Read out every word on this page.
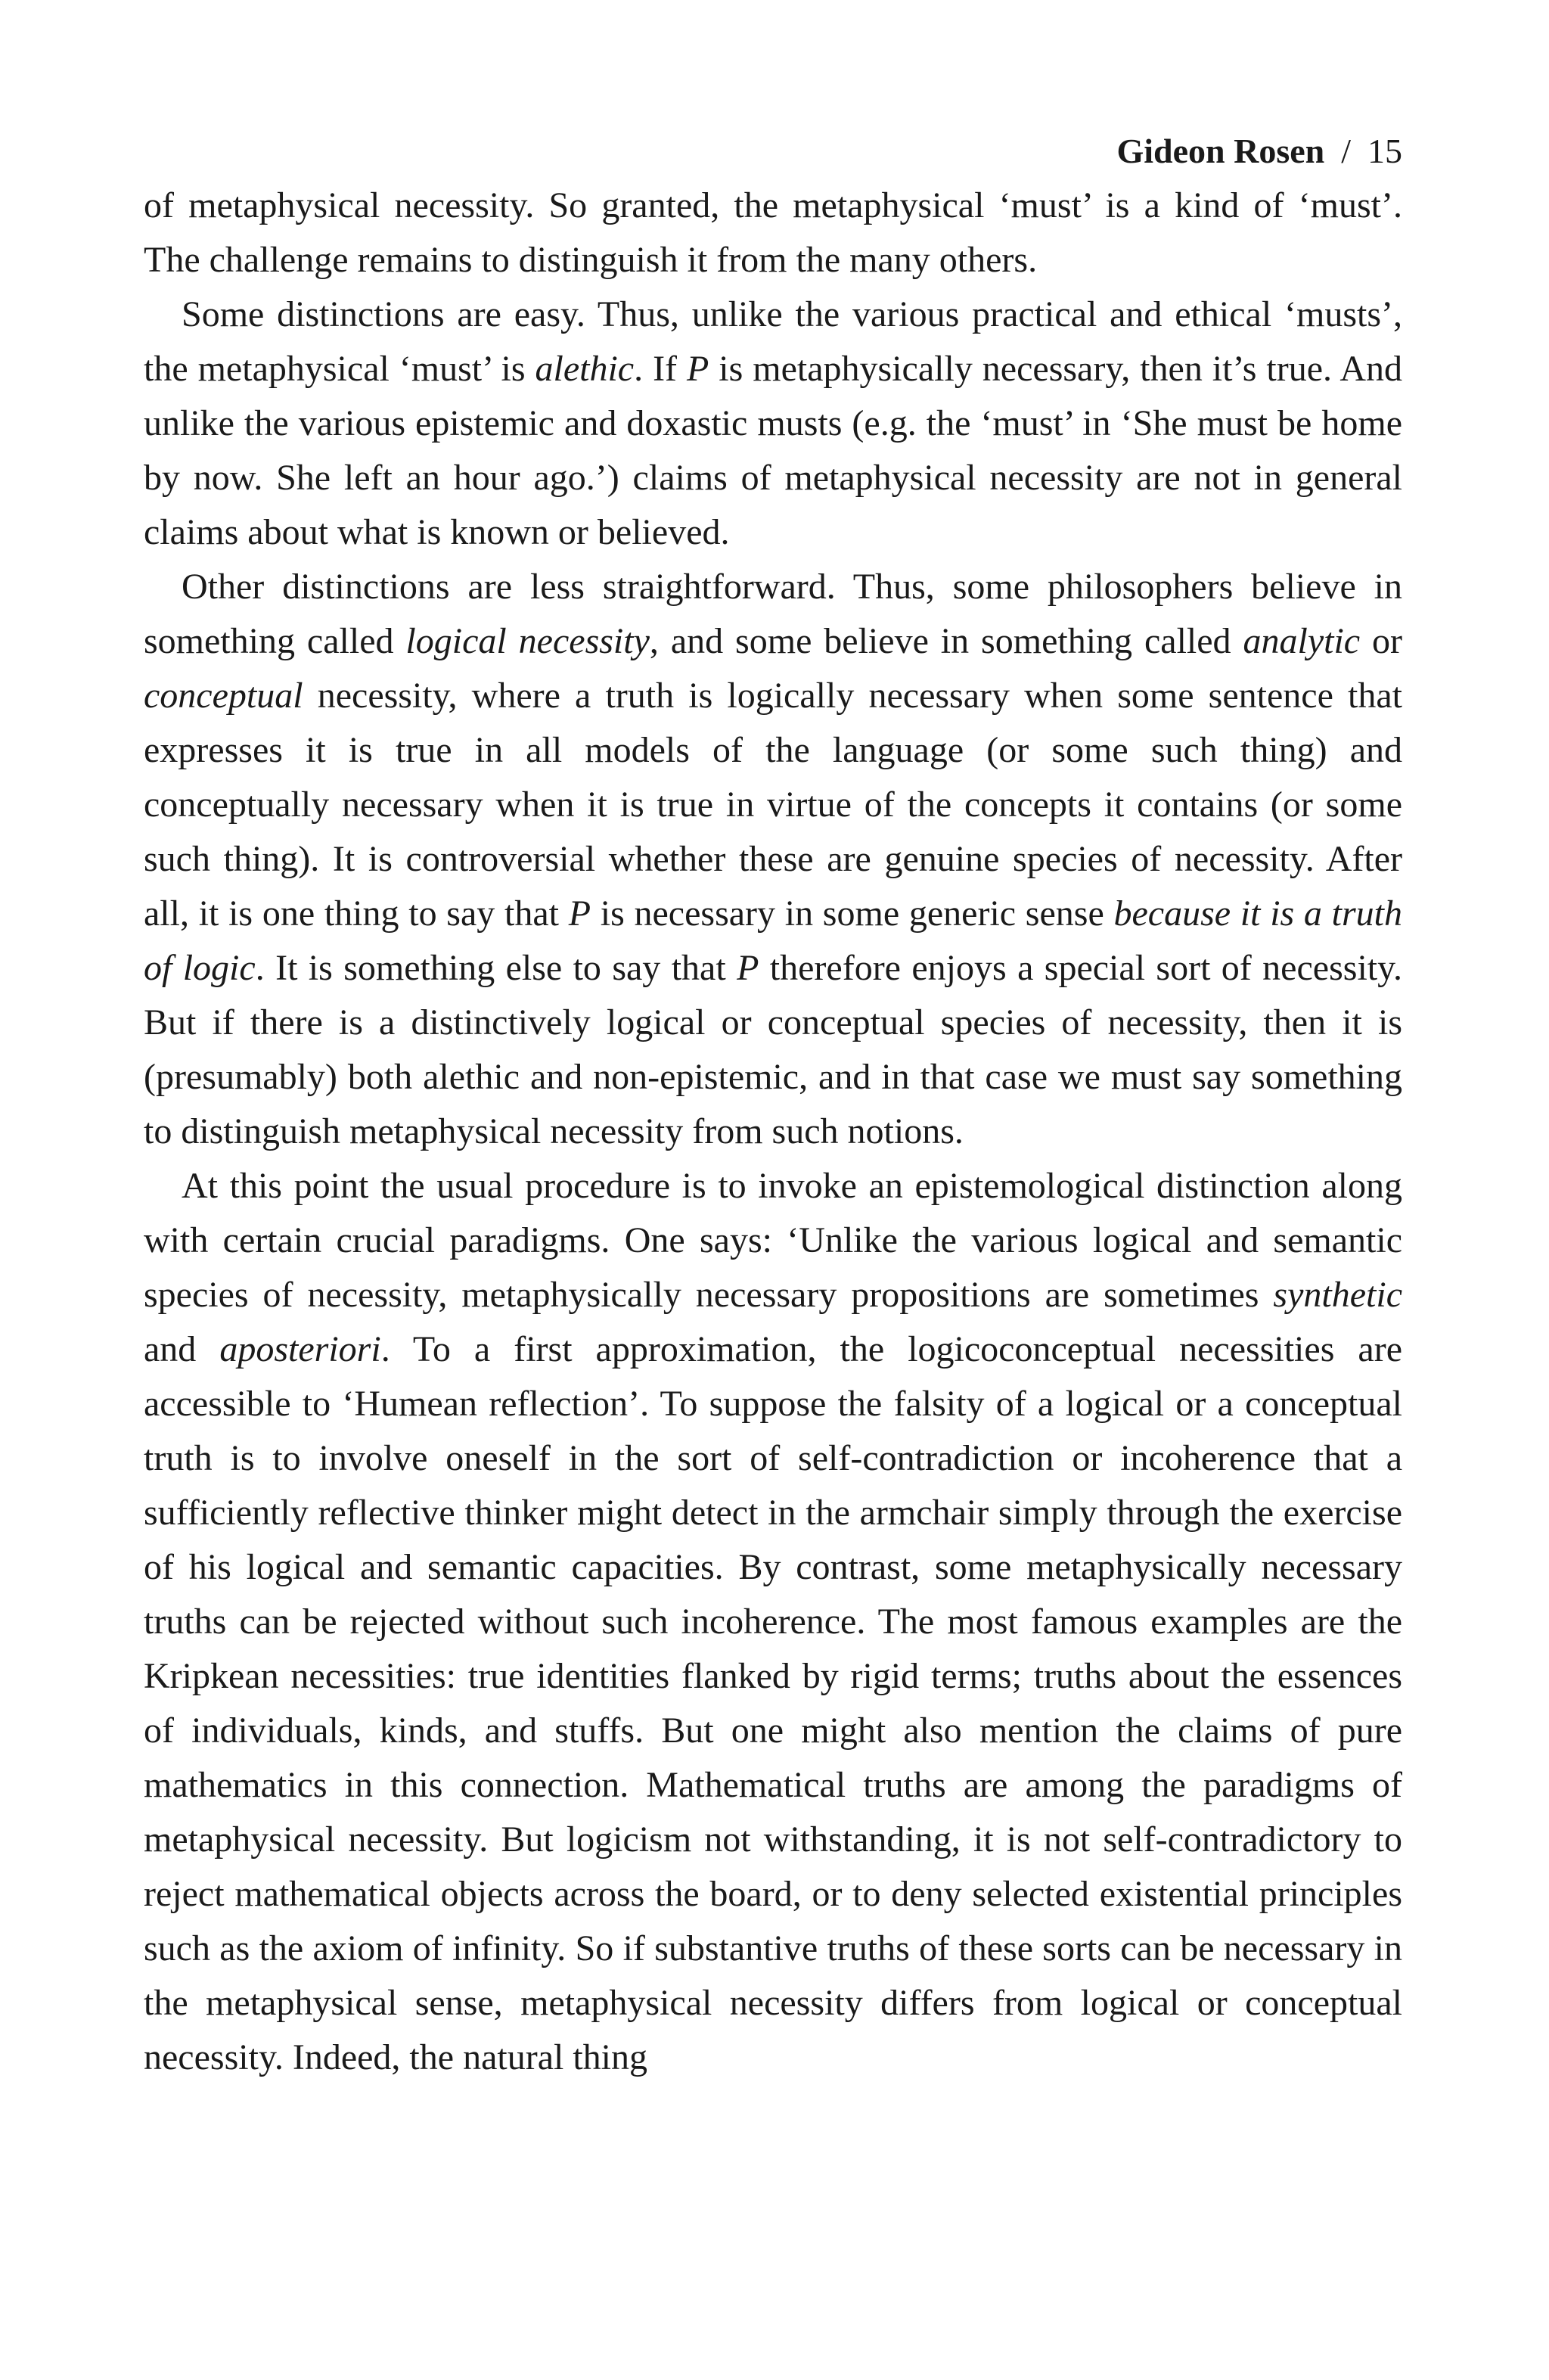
Gideon Rosen / 15

of metaphysical necessity. So granted, the metaphysical ‘must’ is a kind of ‘must’. The challenge remains to distinguish it from the many others.

Some distinctions are easy. Thus, unlike the various practical and ethical ‘musts’, the metaphysical ‘must’ is alethic. If P is metaphysically necessary, then it’s true. And unlike the various epistemic and doxastic musts (e.g. the ‘must’ in ‘She must be home by now. She left an hour ago.’) claims of metaphysical necessity are not in general claims about what is known or believed.

Other distinctions are less straightforward. Thus, some philosophers believe in something called logical necessity, and some believe in something called analytic or conceptual necessity, where a truth is logically necessary when some sentence that expresses it is true in all models of the language (or some such thing) and conceptually necessary when it is true in virtue of the concepts it contains (or some such thing). It is controversial whether these are genuine species of necessity. After all, it is one thing to say that P is necessary in some generic sense because it is a truth of logic. It is something else to say that P therefore enjoys a special sort of necessity. But if there is a distinctively logical or conceptual species of necessity, then it is (presumably) both alethic and non-epistemic, and in that case we must say something to distinguish metaphysical necessity from such notions.

At this point the usual procedure is to invoke an epistemological distinction along with certain crucial paradigms. One says: ‘Unlike the various logical and semantic species of necessity, metaphysically necessary propositions are sometimes synthetic and aposteriori. To a first approximation, the logicoconceptual necessities are accessible to ‘Humean reflection’. To suppose the falsity of a logical or a conceptual truth is to involve oneself in the sort of self-contradiction or incoherence that a sufficiently reflective thinker might detect in the armchair simply through the exercise of his logical and semantic capacities. By contrast, some metaphysically necessary truths can be rejected without such incoherence. The most famous examples are the Kripkean necessities: true identities flanked by rigid terms; truths about the essences of individuals, kinds, and stuffs. But one might also mention the claims of pure mathematics in this connection. Mathematical truths are among the paradigms of metaphysical necessity. But logicism not withstanding, it is not self-contradictory to reject mathematical objects across the board, or to deny selected existential principles such as the axiom of infinity. So if substantive truths of these sorts can be necessary in the metaphysical sense, metaphysical necessity differs from logical or conceptual necessity. Indeed, the natural thing
